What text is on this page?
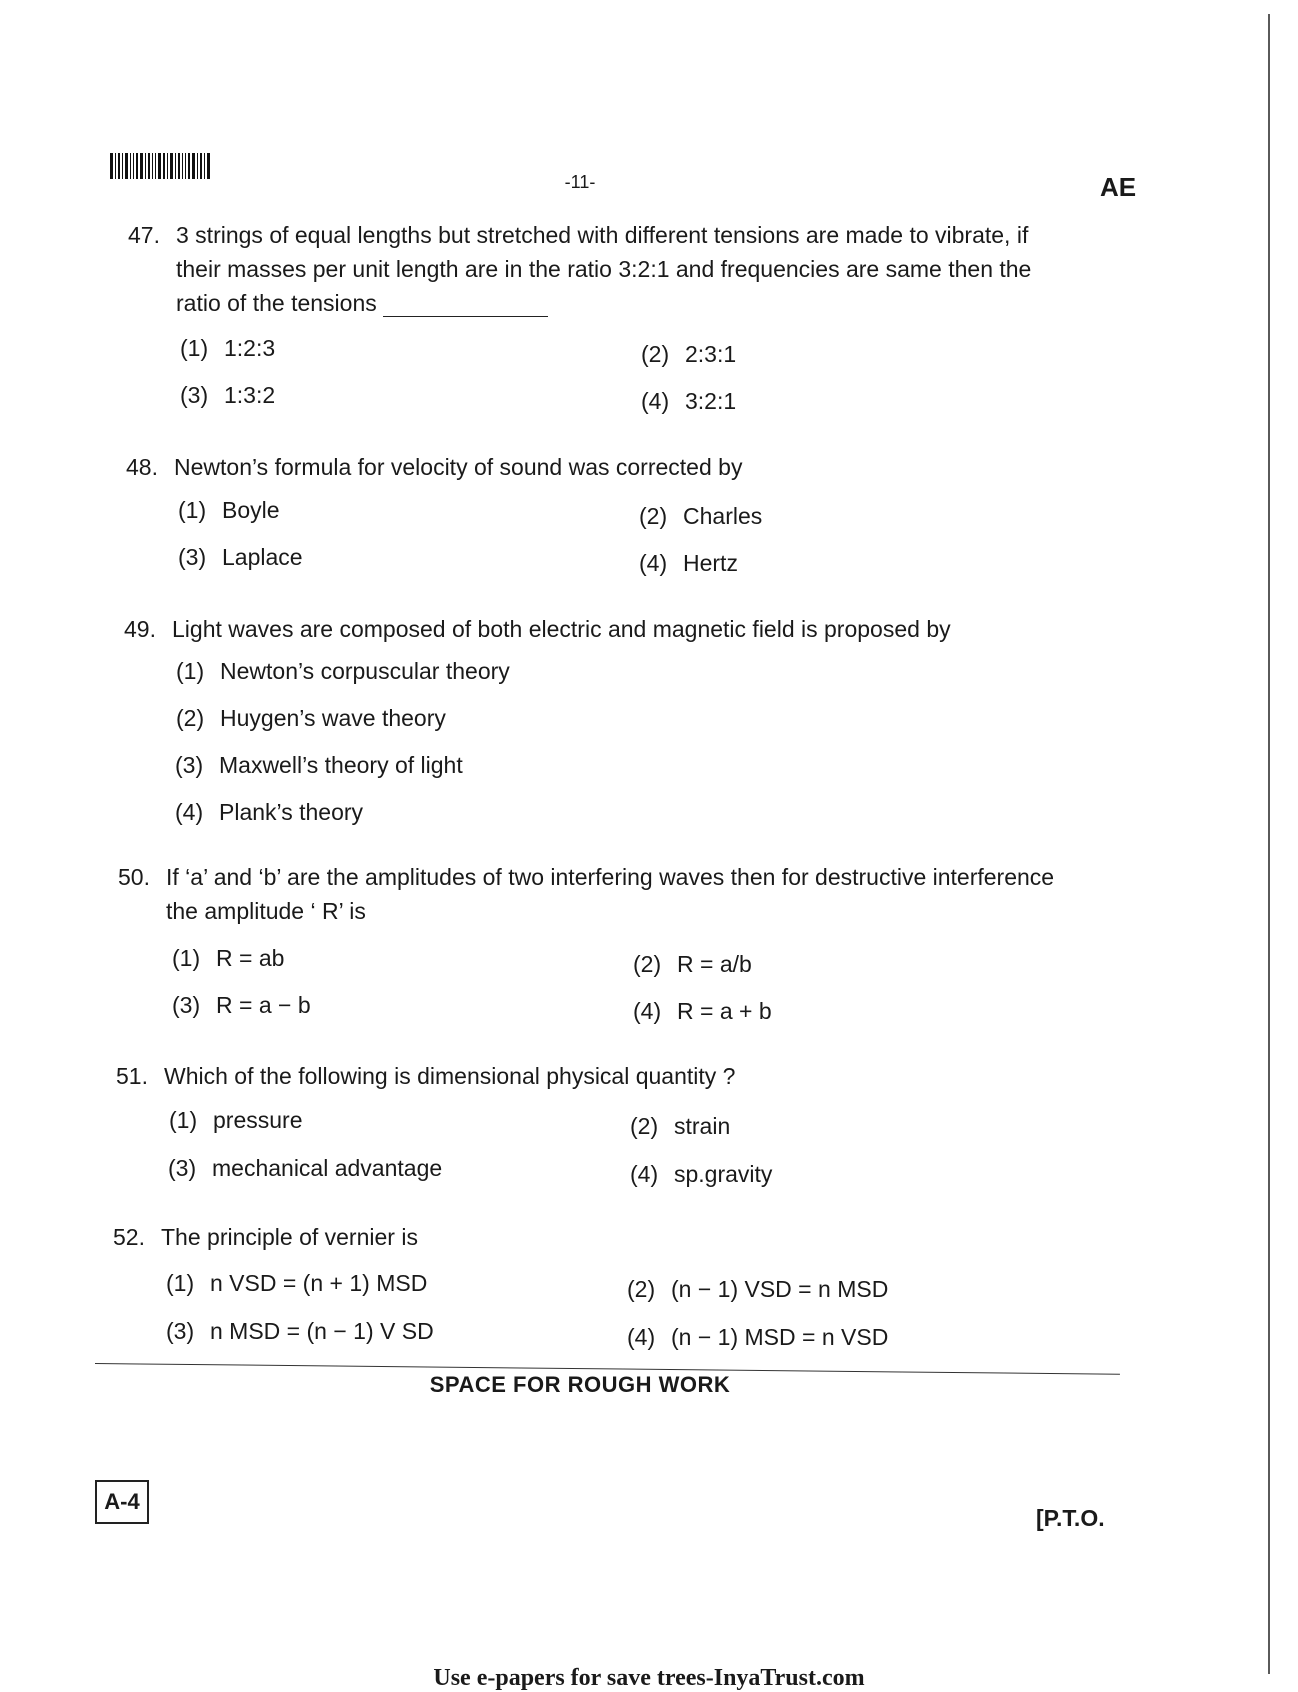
-11-	AE
47. 3 strings of equal lengths but stretched with different tensions are made to vibrate, if
their masses per unit length are in the ratio 3:2:1 and frequencies are same then the
ratio of the tensions
(1) 1:2:3	(2) 2:3:1
(3) 1:3:2	(4) 3:2:1
48. Newton’s formula for velocity of sound was corrected by
(1) Boyle	(2) Charles
(3) Laplace	(4) Hertz
49. Light waves are composed of both electric and magnetic field is proposed by
(1) Newton’s corpuscular theory
(2) Huygen’s wave theory
(3) Maxwell’s theory of light
(4) Plank’s theory
50. If ‘a’ and ‘b’ are the amplitudes of two interfering waves then for destructive interference
the amplitude ‘ R’ is
(1) R = ab	(2) R = a/b
(3) R = a − b	(4) R = a + b
51. Which of the following is dimensional physical quantity ?
(1) pressure	(2) strain
(3) mechanical advantage	(4) sp.gravity
52. The principle of vernier is
(1) n VSD = (n + 1) MSD	(2) (n − 1) VSD = n MSD
(3) n MSD = (n − 1) V SD	(4) (n − 1) MSD = n VSD
SPACE FOR ROUGH WORK
A-4
[P.T.O.
Use e-papers for save trees-InyaTrust.com
